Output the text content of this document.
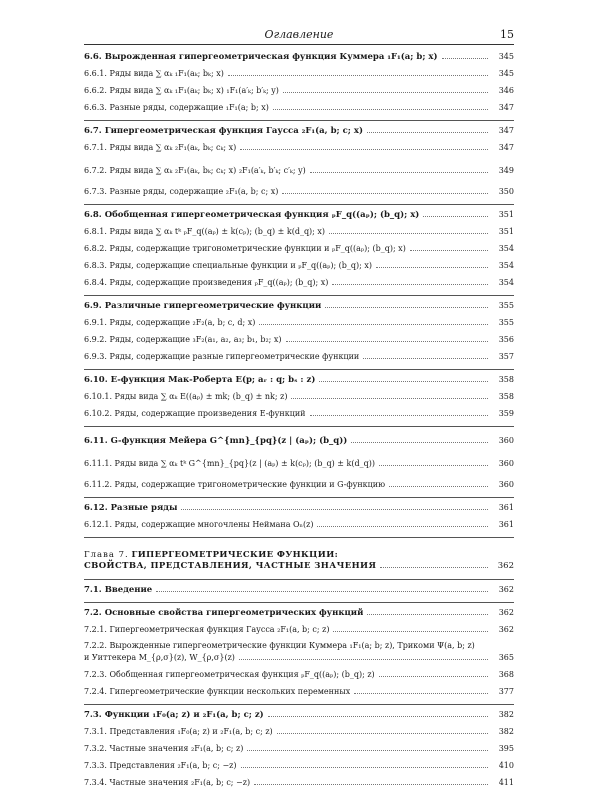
Оглавление	15
6.6. Вырожденная гипергеометрическая функция Куммера ₁F₁(a; b; x)	345
6.6.1. Ряды вида ∑ αₖ ₁F₁(aₖ; bₖ; x)	345
6.6.2. Ряды вида ∑ αₖ ₁F₁(aₖ; bₖ; x) ₁F₁(a′ₖ; b′ₖ; y)	346
6.6.3. Разные ряды, содержащие ₁F₁(a; b; x)	347
6.7. Гипергеометрическая функция Гаусса ₂F₁(a, b; c; x)	347
6.7.1. Ряды вида ∑ αₖ ₂F₁(aₖ, bₖ; cₖ; x)	347
6.7.2. Ряды вида ∑ αₖ ₂F₁(aₖ, bₖ; cₖ; x) ₂F₁(a′ₖ, b′ₖ; c′ₖ; y)	349
6.7.3. Разные ряды, содержащие ₂F₁(a, b; c; x)	350
6.8. Обобщенная гипергеометрическая функция ₚF_q((aₚ); (b_q); x)	351
6.8.1. Ряды вида ∑ αₖ tᵏ ₚF_q((aₚ) ± k(cₚ); (b_q) ± k(d_q); x)	351
6.8.2. Ряды, содержащие тригонометрические функции и ₚF_q((aₚ); (b_q); x)	354
6.8.3. Ряды, содержащие специальные функции и ₚF_q((aₚ); (b_q); x)	354
6.8.4. Ряды, содержащие произведения ₚF_q((aₚ); (b_q); x)	354
6.9. Различные гипергеометрические функции	355
6.9.1. Ряды, содержащие ₂F₂(a, b; c, d; x)	355
6.9.2. Ряды, содержащие ₃F₂(a₁, a₂, a₃; b₁, b₂; x)	356
6.9.3. Ряды, содержащие разные гипергеометрические функции	357
6.10. E-функция Мак-Роберта E(p; aᵣ : q; bₛ : z)	358
6.10.1. Ряды вида ∑ αₖ E((aₚ) ± mk; (b_q) ± nk; z)	358
6.10.2. Ряды, содержащие произведения E-функций	359
6.11. G-функция Мейера G^{mn}_{pq}(z | (aₚ); (b_q))	360
6.11.1. Ряды вида ∑ αₖ tᵏ G^{mn}_{pq}(z | (aₚ) ± k(cₚ); (b_q) ± k(d_q))	360
6.11.2. Ряды, содержащие тригонометрические функции и G-функцию	360
6.12. Разные ряды	361
6.12.1. Ряды, содержащие многочлены Неймана Oₙ(z)	361
Глава 7. ГИПЕРГЕОМЕТРИЧЕСКИЕ ФУНКЦИИ:
СВОЙСТВА, ПРЕДСТАВЛЕНИЯ, ЧАСТНЫЕ ЗНАЧЕНИЯ	362
7.1. Введение	362
7.2. Основные свойства гипергеометрических функций	362
7.2.1. Гипергеометрическая функция Гаусса ₂F₁(a, b; c; z)	362
7.2.2. Вырожденные гипергеометрические функции Куммера ₁F₁(a; b; z), Трикоми Ψ(a, b; z)
и Уиттекера M_{ρ,σ}(z), W_{ρ,σ}(z)	365
7.2.3. Обобщенная гипергеометрическая функция ₚF_q((aₚ); (b_q); z)	368
7.2.4. Гипергеометрические функции нескольких переменных	377
7.3. Функции ₁F₀(a; z) и ₂F₁(a, b; c; z)	382
7.3.1. Представления ₁F₀(a; z) и ₂F₁(a, b; c; z)	382
7.3.2. Частные значения ₂F₁(a, b; c; z)	395
7.3.3. Представления ₂F₁(a, b; c; −z)	410
7.3.4. Частные значения ₂F₁(a, b; c; −z)	411
